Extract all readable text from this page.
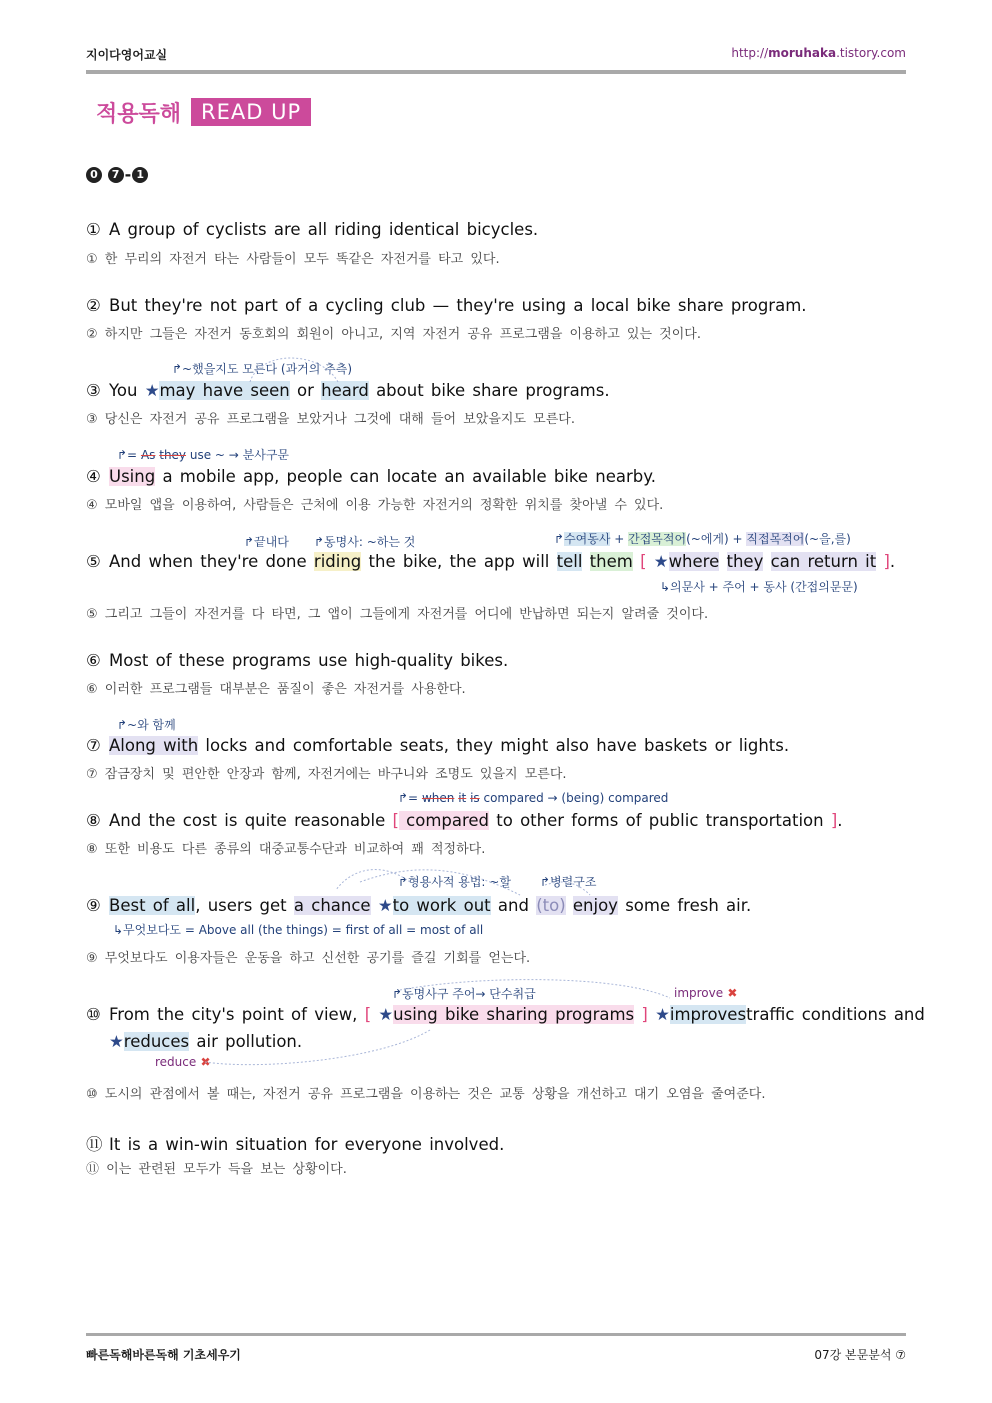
지이다영어교실	http://moruhaka.tistory.com
적용독해 READ UP
0 7 - 1
① A group of cyclists are all riding identical bicycles.
① 한 무리의 자전거 타는 사람들이 모두 똑같은 자전거를 타고 있다.
② But they're not part of a cycling club — they're using a local bike share program.
② 하지만 그들은 자전거 동호회의 회원이 아니고, 지역 자전거 공유 프로그램을 이용하고 있는 것이다.
↱~했을지도 모른다 (과거의 추측)
③ You ★may have seen or heard about bike share programs.
③ 당신은 자전거 공유 프로그램을 보았거나 그것에 대해 들어 보았을지도 모른다.
↱= As they use ~ → 분사구문
④ Using a mobile app, people can locate an available bike nearby.
④ 모바일 앱을 이용하여, 사람들은 근처에 이용 가능한 자전거의 정확한 위치를 찾아낼 수 있다.
↱끝내다 ↱동명사: ~하는 것	↱수여동사 + 간접목적어(~에게) + 직접목적어(~을,를)
⑤ And when they're done riding the bike, the app will tell them [ ★where they can return it ].
↳의문사 + 주어 + 동사 (간접의문문)
⑤ 그리고 그들이 자전거를 다 타면, 그 앱이 그들에게 자전거를 어디에 반납하면 되는지 알려줄 것이다.
⑥ Most of these programs use high-quality bikes.
⑥ 이러한 프로그램들 대부분은 품질이 좋은 자전거를 사용한다.
↱~와 함께
⑦ Along with locks and comfortable seats, they might also have baskets or lights.
⑦ 잠금장치 및 편안한 안장과 함께, 자전거에는 바구니와 조명도 있을지 모른다.
↱= when it is compared → (being) compared
⑧ And the cost is quite reasonable [ compared to other forms of public transportation ].
⑧ 또한 비용도 다른 종류의 대중교통수단과 비교하여 꽤 적정하다.
↱형용사적 용법: ~할 ↱병렬구조
⑨ Best of all, users get a chance ★to work out and (to) enjoy some fresh air.
↳무엇보다도 = Above all (the things) = first of all = most of all
⑨ 무엇보다도 이용자들은 운동을 하고 신선한 공기를 즐길 기회를 얻는다.
↱동명사구 주어→ 단수취급	improve ✖
⑩ From the city's point of view, [ ★using bike sharing programs ] ★improves traffic conditions and
★reduces air pollution.
reduce ✖
⑩ 도시의 관점에서 볼 때는, 자전거 공유 프로그램을 이용하는 것은 교통 상황을 개선하고 대기 오염을 줄여준다.
⑪ It is a win-win situation for everyone involved.
⑪ 이는 관련된 모두가 득을 보는 상황이다.
빠른독해바른독해 기초세우기	07강 본문분석 ⑦
